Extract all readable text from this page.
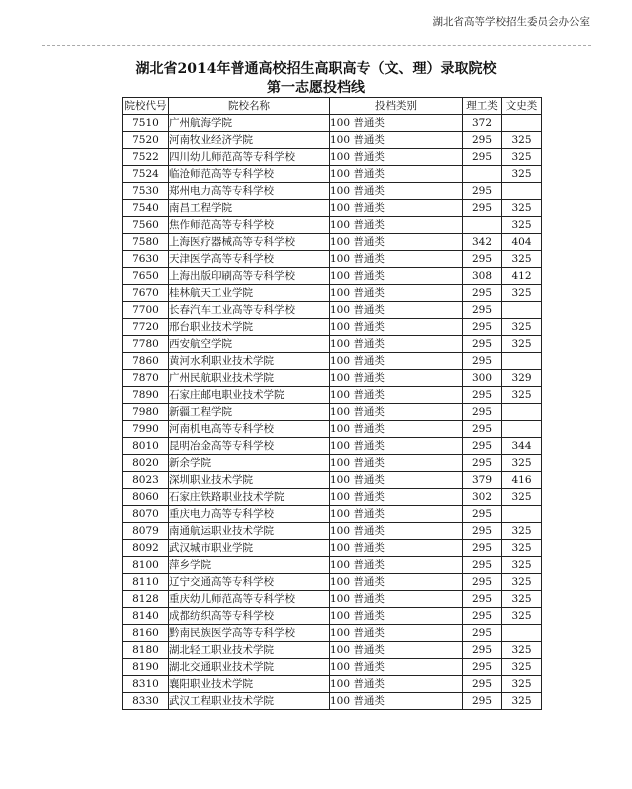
湖北省高等学校招生委员会办公室
湖北省2014年普通高校招生高职高专（文、理）录取院校
第一志愿投档线
院校代号	院校名称	投档类别	理工类	文史类
7510	广州航海学院	100 普通类	372	
7520	河南牧业经济学院	100 普通类	295	325
7522	四川幼儿师范高等专科学校	100 普通类	295	325
7524	临沧师范高等专科学校	100 普通类		325
7530	郑州电力高等专科学校	100 普通类	295	
7540	南昌工程学院	100 普通类	295	325
7560	焦作师范高等专科学校	100 普通类		325
7580	上海医疗器械高等专科学校	100 普通类	342	404
7630	天津医学高等专科学校	100 普通类	295	325
7650	上海出版印刷高等专科学校	100 普通类	308	412
7670	桂林航天工业学院	100 普通类	295	325
7700	长春汽车工业高等专科学校	100 普通类	295	
7720	邢台职业技术学院	100 普通类	295	325
7780	西安航空学院	100 普通类	295	325
7860	黄河水利职业技术学院	100 普通类	295	
7870	广州民航职业技术学院	100 普通类	300	329
7890	石家庄邮电职业技术学院	100 普通类	295	325
7980	新疆工程学院	100 普通类	295	
7990	河南机电高等专科学校	100 普通类	295	
8010	昆明冶金高等专科学校	100 普通类	295	344
8020	新余学院	100 普通类	295	325
8023	深圳职业技术学院	100 普通类	379	416
8060	石家庄铁路职业技术学院	100 普通类	302	325
8070	重庆电力高等专科学校	100 普通类	295	
8079	南通航运职业技术学院	100 普通类	295	325
8092	武汉城市职业学院	100 普通类	295	325
8100	萍乡学院	100 普通类	295	325
8110	辽宁交通高等专科学校	100 普通类	295	325
8128	重庆幼儿师范高等专科学校	100 普通类	295	325
8140	成都纺织高等专科学校	100 普通类	295	325
8160	黔南民族医学高等专科学校	100 普通类	295	
8180	湖北轻工职业技术学院	100 普通类	295	325
8190	湖北交通职业技术学院	100 普通类	295	325
8310	襄阳职业技术学院	100 普通类	295	325
8330	武汉工程职业技术学院	100 普通类	295	325
